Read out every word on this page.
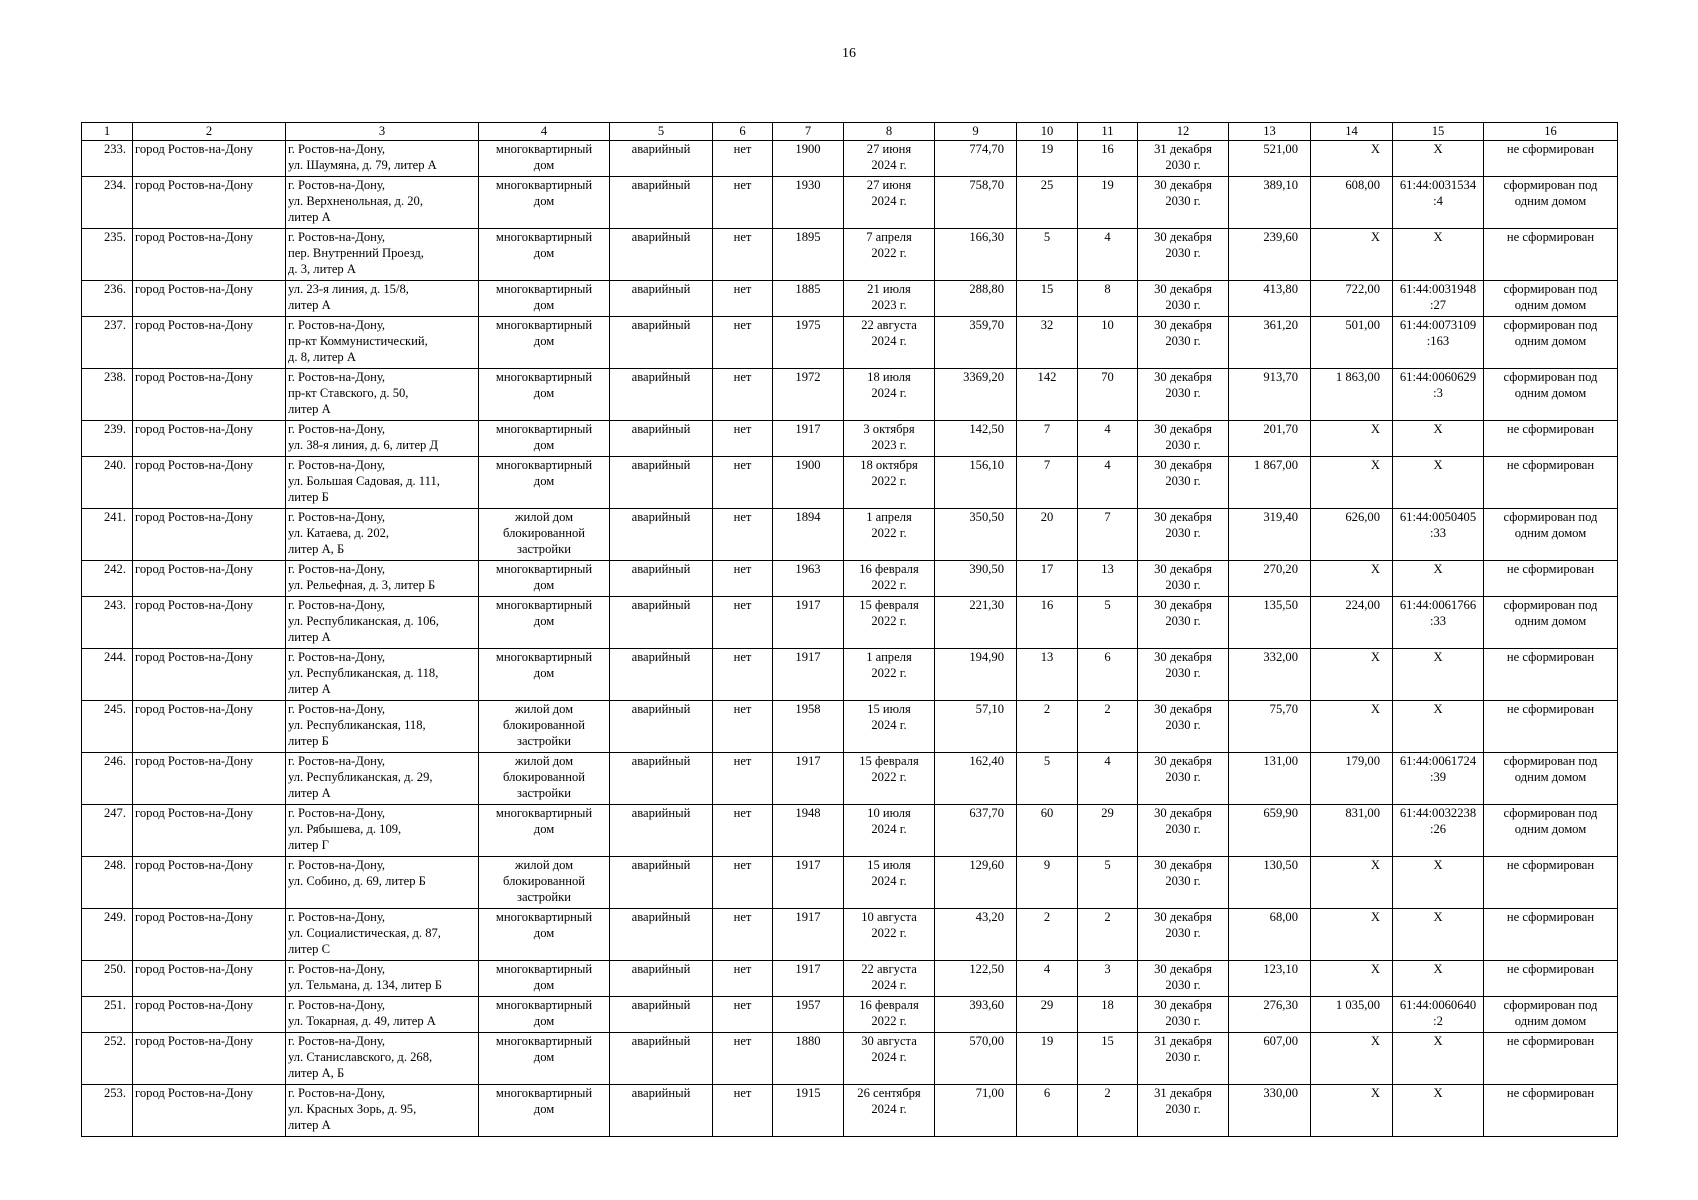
16
1	2	3	4	5	6	7	8	9	10	11	12	13	14	15	16
233.	город Ростов-на-Дону	г. Ростов-на-Дону,
ул. Шаумяна, д. 79, литер А	многоквартирный
дом	аварийный	нет	1900	27 июня
2024 г.	774,70	19	16	31 декабря
2030 г.	521,00	X	X	не сформирован
234.	город Ростов-на-Дону	г. Ростов-на-Дону,
ул. Верхненольная, д. 20,
литер А	многоквартирный
дом	аварийный	нет	1930	27 июня
2024 г.	758,70	25	19	30 декабря
2030 г.	389,10	608,00	61:44:0031534
:4	сформирован под
одним домом
235.	город Ростов-на-Дону	г. Ростов-на-Дону,
пер. Внутренний Проезд,
д. 3, литер А	многоквартирный
дом	аварийный	нет	1895	7 апреля
2022 г.	166,30	5	4	30 декабря
2030 г.	239,60	X	X	не сформирован
236.	город Ростов-на-Дону	ул. 23-я линия, д. 15/8,
литер А	многоквартирный
дом	аварийный	нет	1885	21 июля
2023 г.	288,80	15	8	30 декабря
2030 г.	413,80	722,00	61:44:0031948
:27	сформирован под
одним домом
237.	город Ростов-на-Дону	г. Ростов-на-Дону,
пр-кт Коммунистический,
д. 8, литер А	многоквартирный
дом	аварийный	нет	1975	22 августа
2024 г.	359,70	32	10	30 декабря
2030 г.	361,20	501,00	61:44:0073109
:163	сформирован под
одним домом
238.	город Ростов-на-Дону	г. Ростов-на-Дону,
пр-кт Ставского, д. 50,
литер А	многоквартирный
дом	аварийный	нет	1972	18 июля
2024 г.	3369,20	142	70	30 декабря
2030 г.	913,70	1 863,00	61:44:0060629
:3	сформирован под
одним домом
239.	город Ростов-на-Дону	г. Ростов-на-Дону,
ул. 38-я линия, д. 6, литер Д	многоквартирный
дом	аварийный	нет	1917	3 октября
2023 г.	142,50	7	4	30 декабря
2030 г.	201,70	X	X	не сформирован
240.	город Ростов-на-Дону	г. Ростов-на-Дону,
ул. Большая Садовая, д. 111,
литер Б	многоквартирный
дом	аварийный	нет	1900	18 октября
2022 г.	156,10	7	4	30 декабря
2030 г.	1 867,00	X	X	не сформирован
241.	город Ростов-на-Дону	г. Ростов-на-Дону,
ул. Катаева, д. 202,
литер А, Б	жилой дом
блокированной
застройки	аварийный	нет	1894	1 апреля
2022 г.	350,50	20	7	30 декабря
2030 г.	319,40	626,00	61:44:0050405
:33	сформирован под
одним домом
242.	город Ростов-на-Дону	г. Ростов-на-Дону,
ул. Рельефная, д. 3, литер Б	многоквартирный
дом	аварийный	нет	1963	16 февраля
2022 г.	390,50	17	13	30 декабря
2030 г.	270,20	X	X	не сформирован
243.	город Ростов-на-Дону	г. Ростов-на-Дону,
ул. Республиканская, д. 106,
литер А	многоквартирный
дом	аварийный	нет	1917	15 февраля
2022 г.	221,30	16	5	30 декабря
2030 г.	135,50	224,00	61:44:0061766
:33	сформирован под
одним домом
244.	город Ростов-на-Дону	г. Ростов-на-Дону,
ул. Республиканская, д. 118,
литер А	многоквартирный
дом	аварийный	нет	1917	1 апреля
2022 г.	194,90	13	6	30 декабря
2030 г.	332,00	X	X	не сформирован
245.	город Ростов-на-Дону	г. Ростов-на-Дону,
ул. Республиканская, 118,
литер Б	жилой дом
блокированной
застройки	аварийный	нет	1958	15 июля
2024 г.	57,10	2	2	30 декабря
2030 г.	75,70	X	X	не сформирован
246.	город Ростов-на-Дону	г. Ростов-на-Дону,
ул. Республиканская, д. 29,
литер А	жилой дом
блокированной
застройки	аварийный	нет	1917	15 февраля
2022 г.	162,40	5	4	30 декабря
2030 г.	131,00	179,00	61:44:0061724
:39	сформирован под
одним домом
247.	город Ростов-на-Дону	г. Ростов-на-Дону,
ул. Рябышева, д. 109,
литер Г	многоквартирный
дом	аварийный	нет	1948	10 июля
2024 г.	637,70	60	29	30 декабря
2030 г.	659,90	831,00	61:44:0032238
:26	сформирован под
одним домом
248.	город Ростов-на-Дону	г. Ростов-на-Дону,
ул. Собино, д. 69, литер Б	жилой дом
блокированной
застройки	аварийный	нет	1917	15 июля
2024 г.	129,60	9	5	30 декабря
2030 г.	130,50	X	X	не сформирован
249.	город Ростов-на-Дону	г. Ростов-на-Дону,
ул. Социалистическая, д. 87,
литер С	многоквартирный
дом	аварийный	нет	1917	10 августа
2022 г.	43,20	2	2	30 декабря
2030 г.	68,00	X	X	не сформирован
250.	город Ростов-на-Дону	г. Ростов-на-Дону,
ул. Тельмана, д. 134, литер Б	многоквартирный
дом	аварийный	нет	1917	22 августа
2024 г.	122,50	4	3	30 декабря
2030 г.	123,10	X	X	не сформирован
251.	город Ростов-на-Дону	г. Ростов-на-Дону,
ул. Токарная, д. 49, литер А	многоквартирный
дом	аварийный	нет	1957	16 февраля
2022 г.	393,60	29	18	30 декабря
2030 г.	276,30	1 035,00	61:44:0060640
:2	сформирован под
одним домом
252.	город Ростов-на-Дону	г. Ростов-на-Дону,
ул. Станиславского, д. 268,
литер А, Б	многоквартирный
дом	аварийный	нет	1880	30 августа
2024 г.	570,00	19	15	31 декабря
2030 г.	607,00	X	X	не сформирован
253.	город Ростов-на-Дону	г. Ростов-на-Дону,
ул. Красных Зорь, д. 95,
литер А	многоквартирный
дом	аварийный	нет	1915	26 сентября
2024 г.	71,00	6	2	31 декабря
2030 г.	330,00	X	X	не сформирован
